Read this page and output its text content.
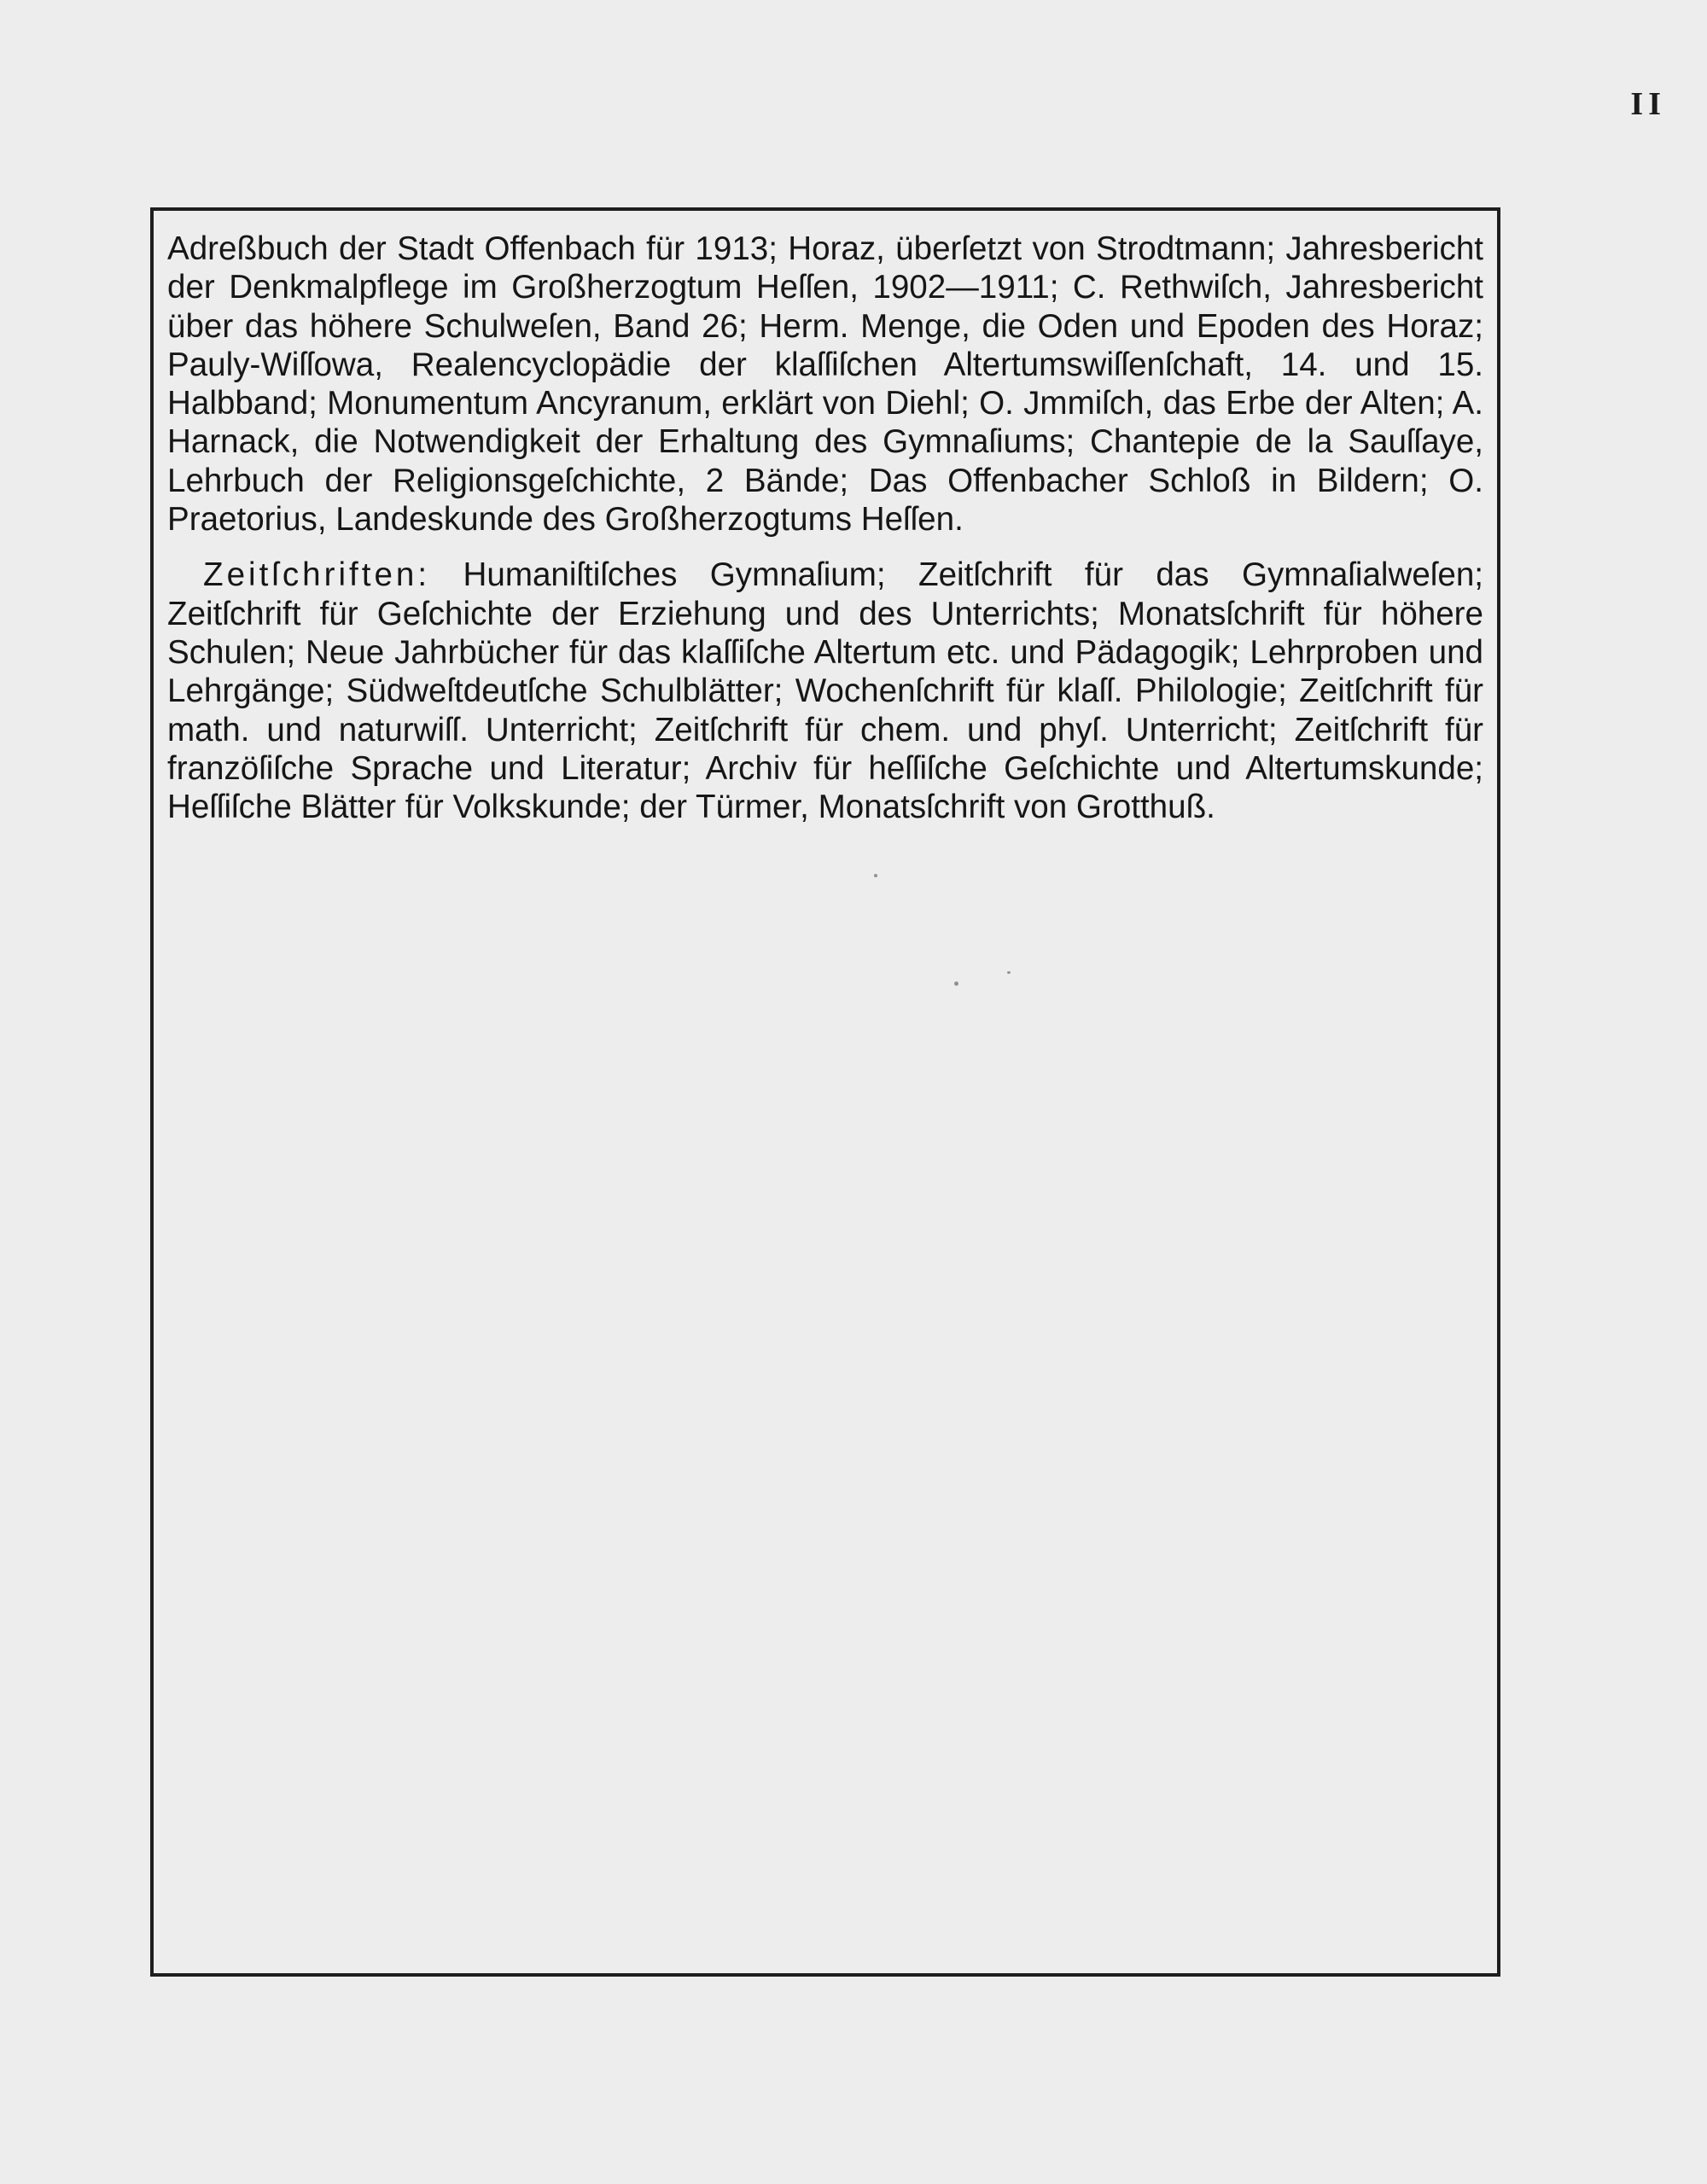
II

Adreßbuch der Stadt Offenbach für 1913; Horaz, überſetzt von Strodtmann; Jahresbericht der Denkmalpflege im Großherzogtum Heſſen, 1902—1911; C. Rethwiſch, Jahresbericht über das höhere Schulweſen, Band 26; Herm. Menge, die Oden und Epoden des Horaz; Pauly-Wiſſowa, Realencyclopädie der klaſſiſchen Altertumswiſſenſchaft, 14. und 15. Halbband; Monumentum Ancyranum, erklärt von Diehl; O. Jmmiſch, das Erbe der Alten; A. Harnack, die Notwendigkeit der Erhaltung des Gymnaſiums; Chantepie de la Sauſſaye, Lehrbuch der Religionsgeſchichte, 2 Bände; Das Offenbacher Schloß in Bildern; O. Praetorius, Landeskunde des Großherzogtums Heſſen.

Zeitſchriften: Humaniſtiſches Gymnaſium; Zeitſchrift für das Gymnaſialweſen; Zeitſchrift für Geſchichte der Erziehung und des Unterrichts; Monatsſchrift für höhere Schulen; Neue Jahrbücher für das klaſſiſche Altertum etc. und Pädagogik; Lehrproben und Lehrgänge; Südweſtdeutſche Schulblätter; Wochenſchrift für klaſſ. Philologie; Zeitſchrift für math. und naturwiſſ. Unterricht; Zeitſchrift für chem. und phyſ. Unterricht; Zeitſchrift für franzöſiſche Sprache und Literatur; Archiv für heſſiſche Geſchichte und Altertumskunde; Heſſiſche Blätter für Volkskunde; der Türmer, Monatsſchrift von Grotthuß.
